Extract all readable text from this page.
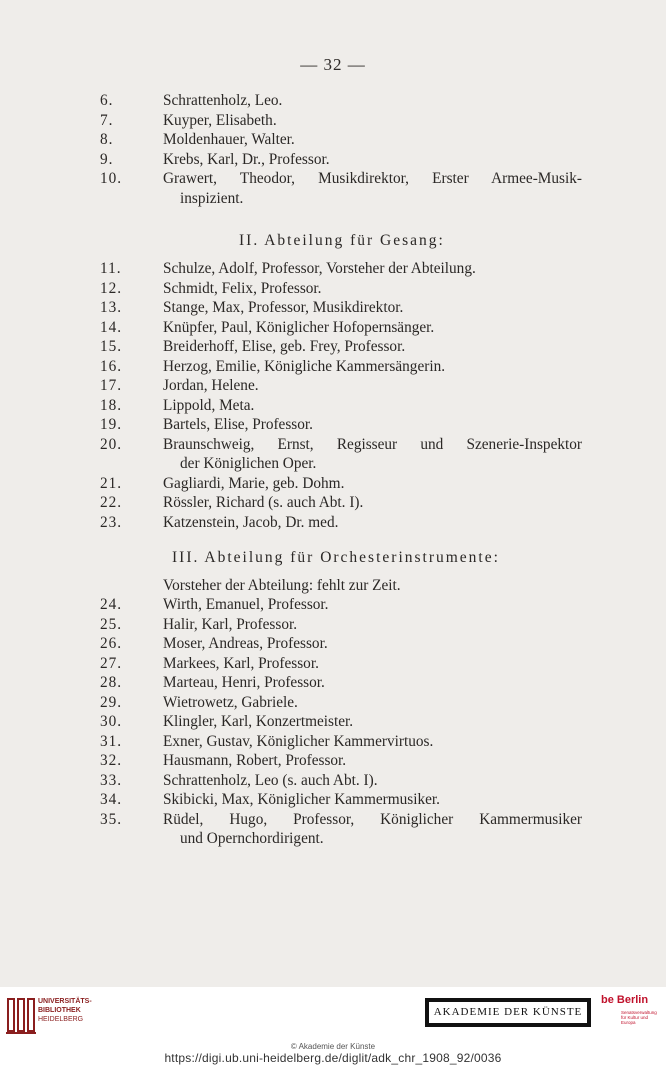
— 32 —
6.	Schrattenholz, Leo.
7.	Kuyper, Elisabeth.
8.	Moldenhauer, Walter.
9.	Krebs, Karl, Dr., Professor.
10.	Grawert, Theodor, Musikdirektor, Erster Armee-Musik-
inspizient.
II. Abteilung für Gesang:
11.	Schulze, Adolf, Professor, Vorsteher der Abteilung.
12.	Schmidt, Felix, Professor.
13.	Stange, Max, Professor, Musikdirektor.
14.	Knüpfer, Paul, Königlicher Hofopernsänger.
15.	Breiderhoff, Elise, geb. Frey, Professor.
16.	Herzog, Emilie, Königliche Kammersängerin.
17.	Jordan, Helene.
18.	Lippold, Meta.
19.	Bartels, Elise, Professor.
20.	Braunschweig, Ernst, Regisseur und Szenerie-Inspektor
der Königlichen Oper.
21.	Gagliardi, Marie, geb. Dohm.
22.	Rössler, Richard (s. auch Abt. I).
23.	Katzenstein, Jacob, Dr. med.
III. Abteilung für Orchesterinstrumente:
Vorsteher der Abteilung: fehlt zur Zeit.
24.	Wirth, Emanuel, Professor.
25.	Halir, Karl, Professor.
26.	Moser, Andreas, Professor.
27.	Markees, Karl, Professor.
28.	Marteau, Henri, Professor.
29.	Wietrowetz, Gabriele.
30.	Klingler, Karl, Konzertmeister.
31.	Exner, Gustav, Königlicher Kammervirtuos.
32.	Hausmann, Robert, Professor.
33.	Schrattenholz, Leo (s. auch Abt. I).
34.	Skibicki, Max, Königlicher Kammermusiker.
35.	Rüdel, Hugo, Professor, Königlicher Kammermusiker
und Opernchordirigent.
UNIVERSITÄTS-
BIBLIOTHEK
HEIDELBERG
AKADEMIE DER KÜNSTE
be Berlin
Senatsverwaltung
für Kultur und Europa
© Akademie der Künste
https://digi.ub.uni-heidelberg.de/diglit/adk_chr_1908_92/0036
